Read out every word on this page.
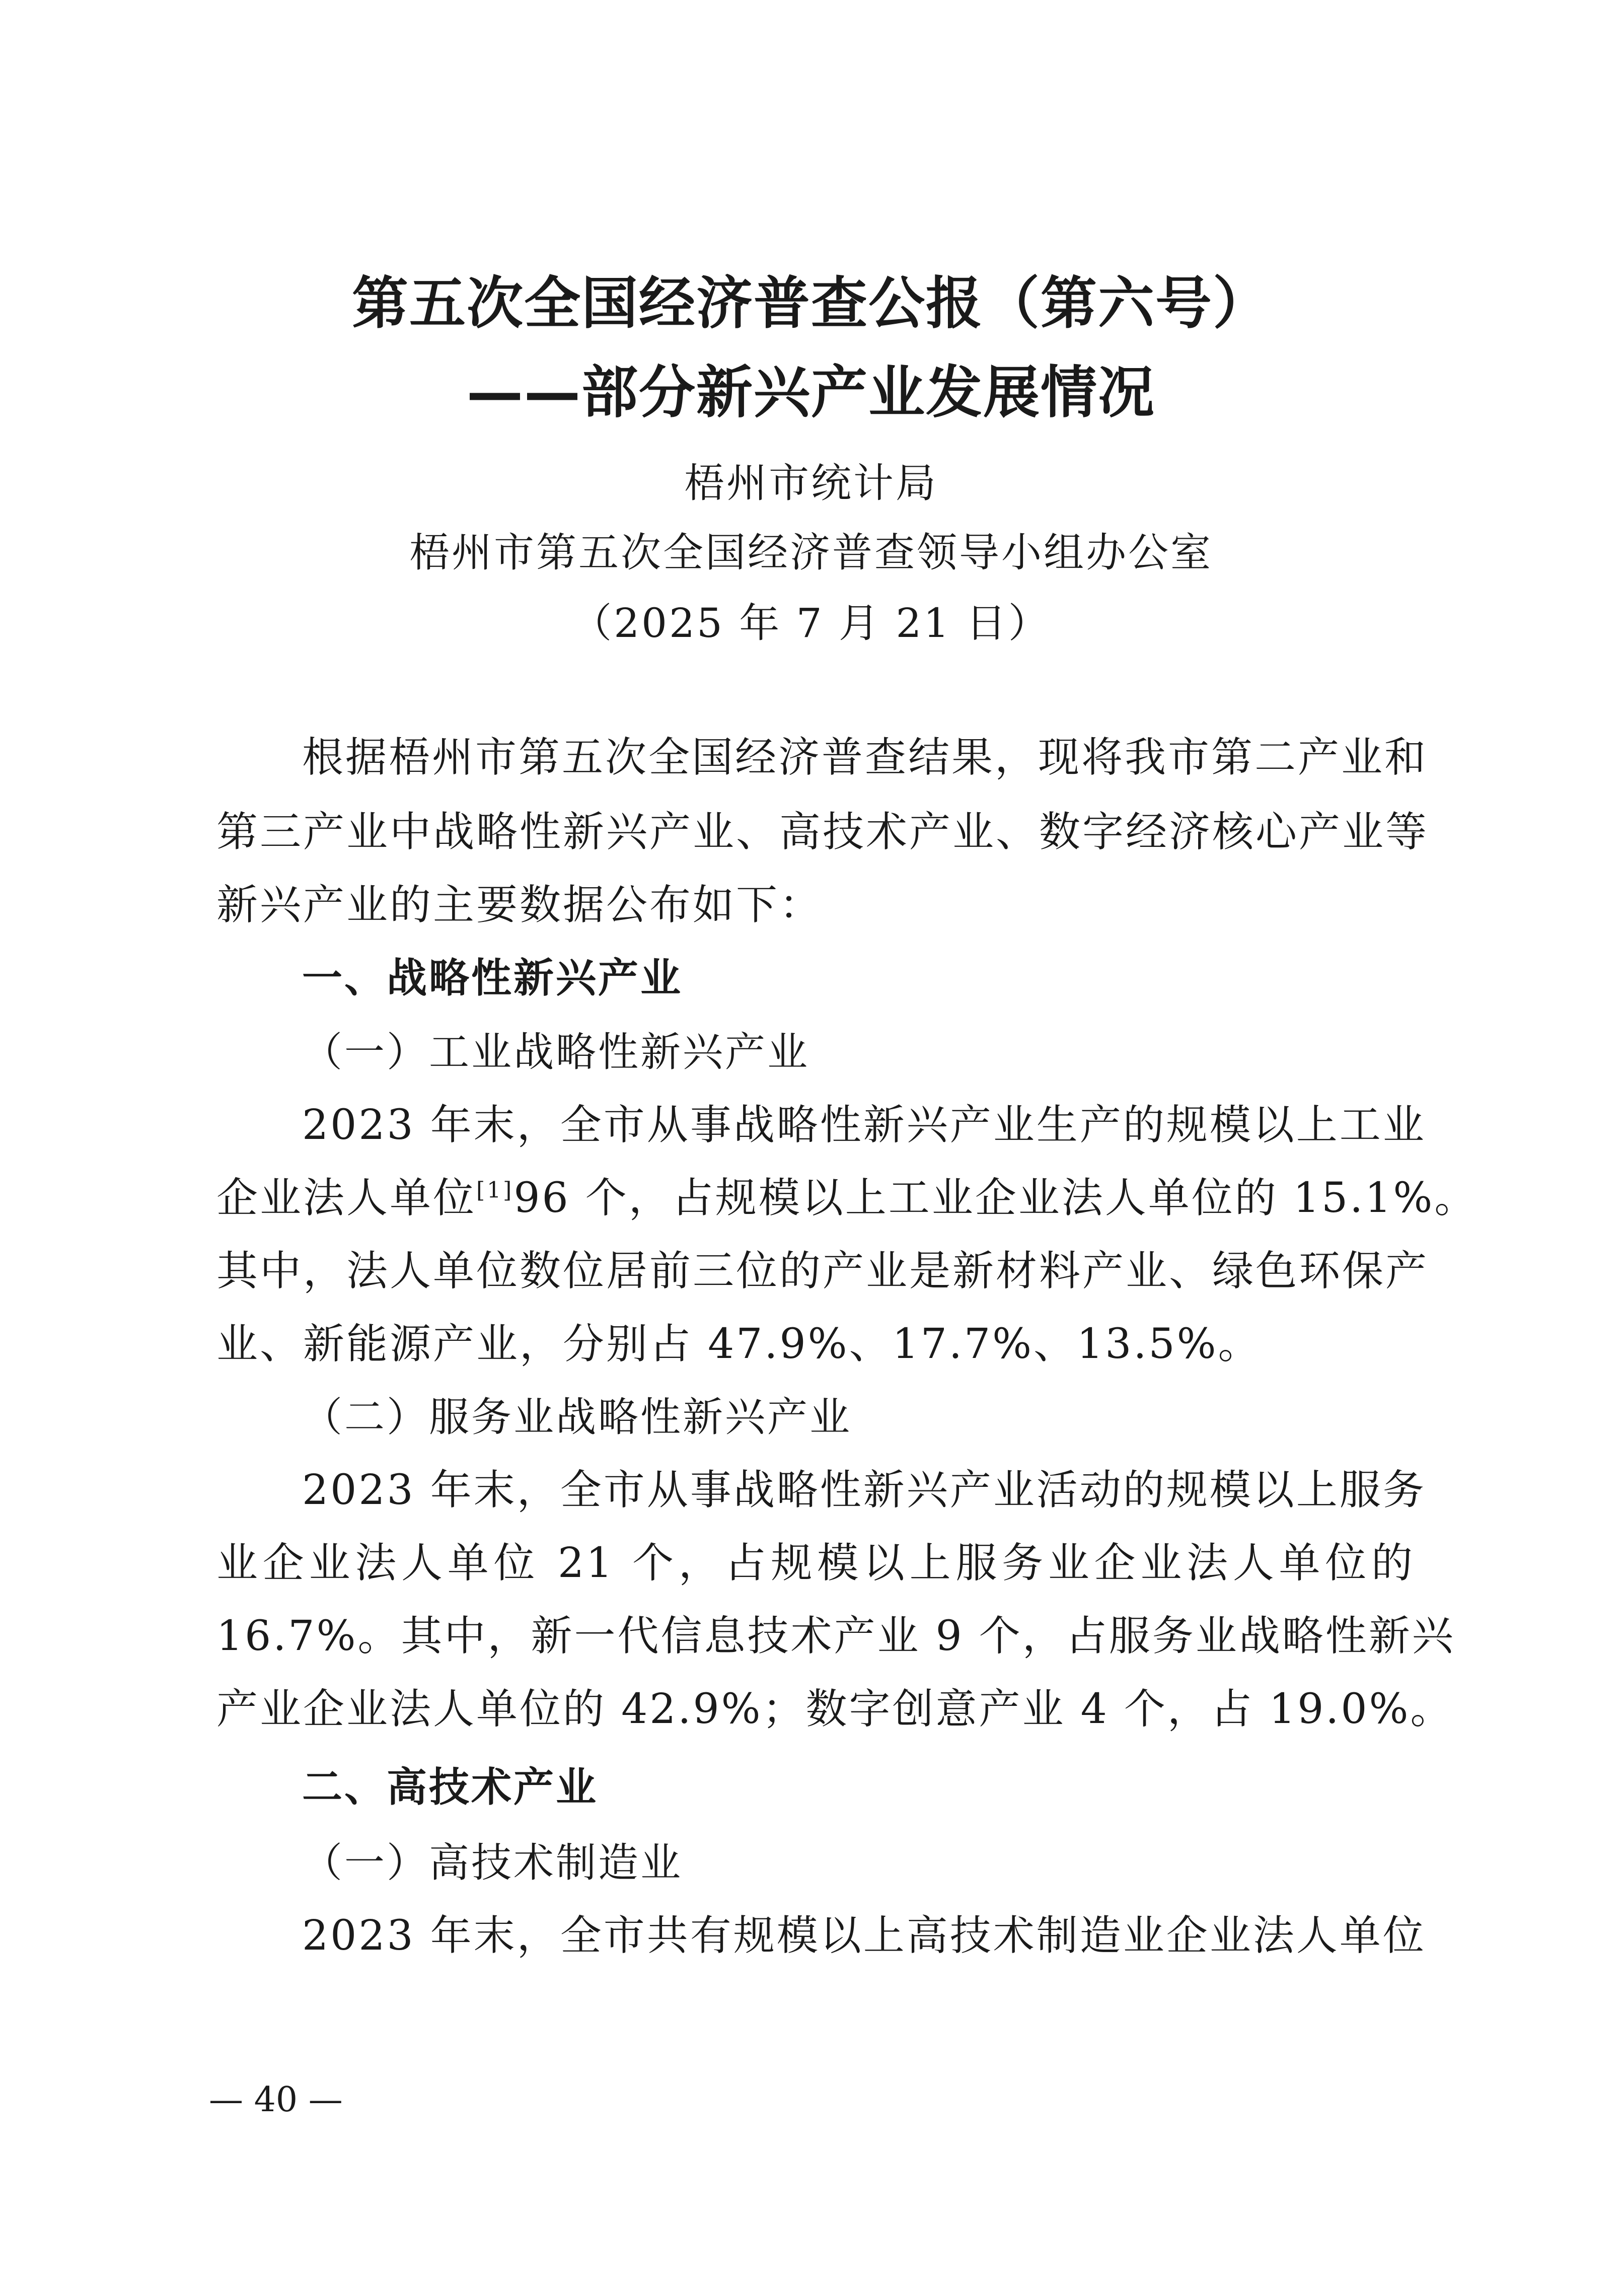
第五次全国经济普查公报（第六号）
——部分新兴产业发展情况
梧州市统计局
梧州市第五次全国经济普查领导小组办公室
（2025 年 7 月 21 日）
根据梧州市第五次全国经济普查结果，现将我市第二产业和
第三产业中战略性新兴产业、高技术产业、数字经济核心产业等
新兴产业的主要数据公布如下：
一、战略性新兴产业
（一）工业战略性新兴产业
2023 年末，全市从事战略性新兴产业生产的规模以上工业
企业法人单位[1]96 个，占规模以上工业企业法人单位的 15.1%。
其中，法人单位数位居前三位的产业是新材料产业、绿色环保产
业、新能源产业，分别占 47.9%、17.7%、13.5%。
（二）服务业战略性新兴产业
2023 年末，全市从事战略性新兴产业活动的规模以上服务
业企业法人单位 21 个，占规模以上服务业企业法人单位的
16.7%。其中，新一代信息技术产业 9 个，占服务业战略性新兴
产业企业法人单位的 42.9%；数字创意产业 4 个，占 19.0%。
二、高技术产业
（一）高技术制造业
2023 年末，全市共有规模以上高技术制造业企业法人单位
— 40 —
